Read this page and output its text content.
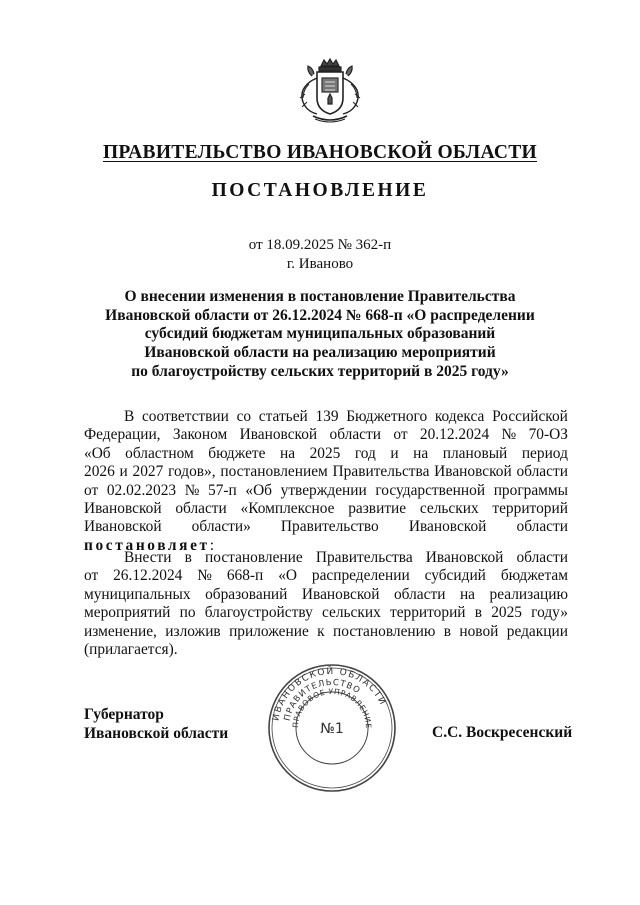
ПРАВИТЕЛЬСТВО ИВАНОВСКОЙ ОБЛАСТИ
ПОСТАНОВЛЕНИЕ
от 18.09.2025 № 362-п
г. Иваново
О внесении изменения в постановление Правительства
Ивановской области от 26.12.2024 № 668-п «О распределении
субсидий бюджетам муниципальных образований
Ивановской области на реализацию мероприятий
по благоустройству сельских территорий в 2025 году»
В соответствии со статьей 139 Бюджетного кодекса Российской
Федерации, Законом Ивановской области от 20.12.2024 № 70-ОЗ
«Об областном бюджете на 2025 год и на плановый период
2026 и 2027 годов», постановлением Правительства Ивановской области
от 02.02.2023 № 57-п «Об утверждении государственной программы
Ивановской области «Комплексное развитие сельских территорий
Ивановской области» Правительство Ивановской области
постановляет:
Внести в постановление Правительства Ивановской области
от 26.12.2024 № 668-п «О распределении субсидий бюджетам
муниципальных образований Ивановской области на реализацию
мероприятий по благоустройству сельских территорий в 2025 году»
изменение, изложив приложение к постановлению в новой редакции
(прилагается).
Губернатор
Ивановской области	С.С. Воскресенский
ИВАНОВСКОЙ ОБЛАСТИ
ПРАВИТЕЛЬСТВО
ПРАВОВОЕ УПРАВЛЕНИЕ
№1
